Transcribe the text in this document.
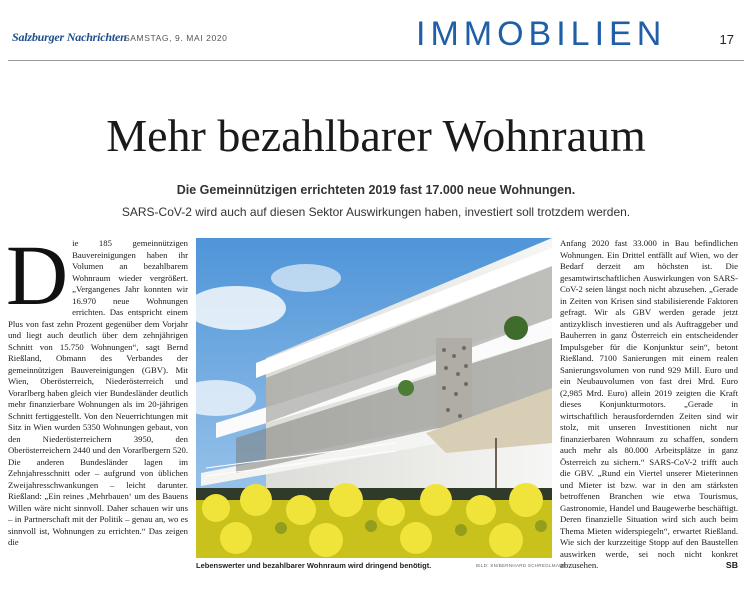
Salzburger Nachrichten
SAMSTAG, 9. MAI 2020	IMMOBILIEN	17
Mehr bezahlbarer Wohnraum
Die Gemeinnützigen errichteten 2019 fast 17.000 neue Wohnungen.
SARS-CoV-2 wird auch auf diesen Sektor Auswirkungen haben, investiert soll trotzdem werden.
Die 185 gemeinnützigen Bauvereinigungen haben ihr Volumen an bezahlbarem Wohnraum wieder vergrößert. „Vergangenes Jahr konnten wir 16.970 neue Wohnungen errichten. Das entspricht einem Plus von fast zehn Prozent gegenüber dem Vorjahr und liegt auch deutlich über dem zehnjährigen Schnitt von 15.750 Wohnungen“, sagt Bernd Rießland, Obmann des Verbandes der gemeinnützigen Bauvereinigungen (GBV). Mit Wien, Oberösterreich, Niederösterreich und Vorarlberg haben gleich vier Bundesländer deutlich mehr finanzierbare Wohnungen als im 20-jährigen Schnitt fertiggestellt. Von den Neuerrichtungen mit Sitz in Wien wurden 5350 Wohnungen gebaut, von den Niederösterreichern 3950, den Oberösterreichern 2440 und den Vorarlbergern 520. Die anderen Bundesländer lagen im Zehnjahresschnitt oder – aufgrund von üblichen Zweijahresschwankungen – leicht darunter. Rießland: „Ein reines ‚Mehrbauen‘ um des Bauens Willen wäre nicht sinnvoll. Daher schauen wir uns – in Partnerschaft mit der Politik – genau an, wo es sinnvoll ist, Wohnungen zu errichten.“ Das zeigen die
Lebenswerter und bezahlbarer Wohnraum wird dringend benötigt.	BILD: SN/BERNHARD SCHREGLMANN
Anfang 2020 fast 33.000 in Bau befindlichen Wohnungen. Ein Drittel entfällt auf Wien, wo der Bedarf derzeit am höchsten ist. Die gesamtwirtschaftlichen Auswirkungen von SARS-CoV-2 seien längst noch nicht abzusehen. „Gerade in Zeiten von Krisen sind stabilisierende Faktoren gefragt. Wir als GBV werden gerade jetzt antizyklisch investieren und als Auftraggeber und Bauherren in ganz Österreich ein entscheidender Impulsgeber für die Konjunktur sein“, betont Rießland. 7100 Sanierungen mit einem realen Sanierungsvolumen von rund 929 Mill. Euro und ein Neubauvolumen von fast drei Mrd. Euro (2,985 Mrd. Euro) allein 2019 zeigten die Kraft dieses Konjunkturmotors. „Gerade in wirtschaftlich herausfordernden Zeiten sind wir stolz, mit unseren Investitionen nicht nur finanzierbaren Wohnraum zu schaffen, sondern auch mehr als 80.000 Arbeitsplätze in ganz Österreich zu sichern.“ SARS-CoV-2 trifft auch die GBV. „Rund ein Viertel unserer Mieterinnen und Mieter ist bzw. war in den am stärksten betroffenen Branchen wie etwa Tourismus, Gastronomie, Handel und Baugewerbe beschäftigt. Deren finanzielle Situation wird sich auch beim Thema Mieten widerspiegeln“, erwartet Rießland. Wie sich der kurzzeitige Stopp auf den Baustellen auswirken werde, sei noch nicht konkret abzusehen.	SB
